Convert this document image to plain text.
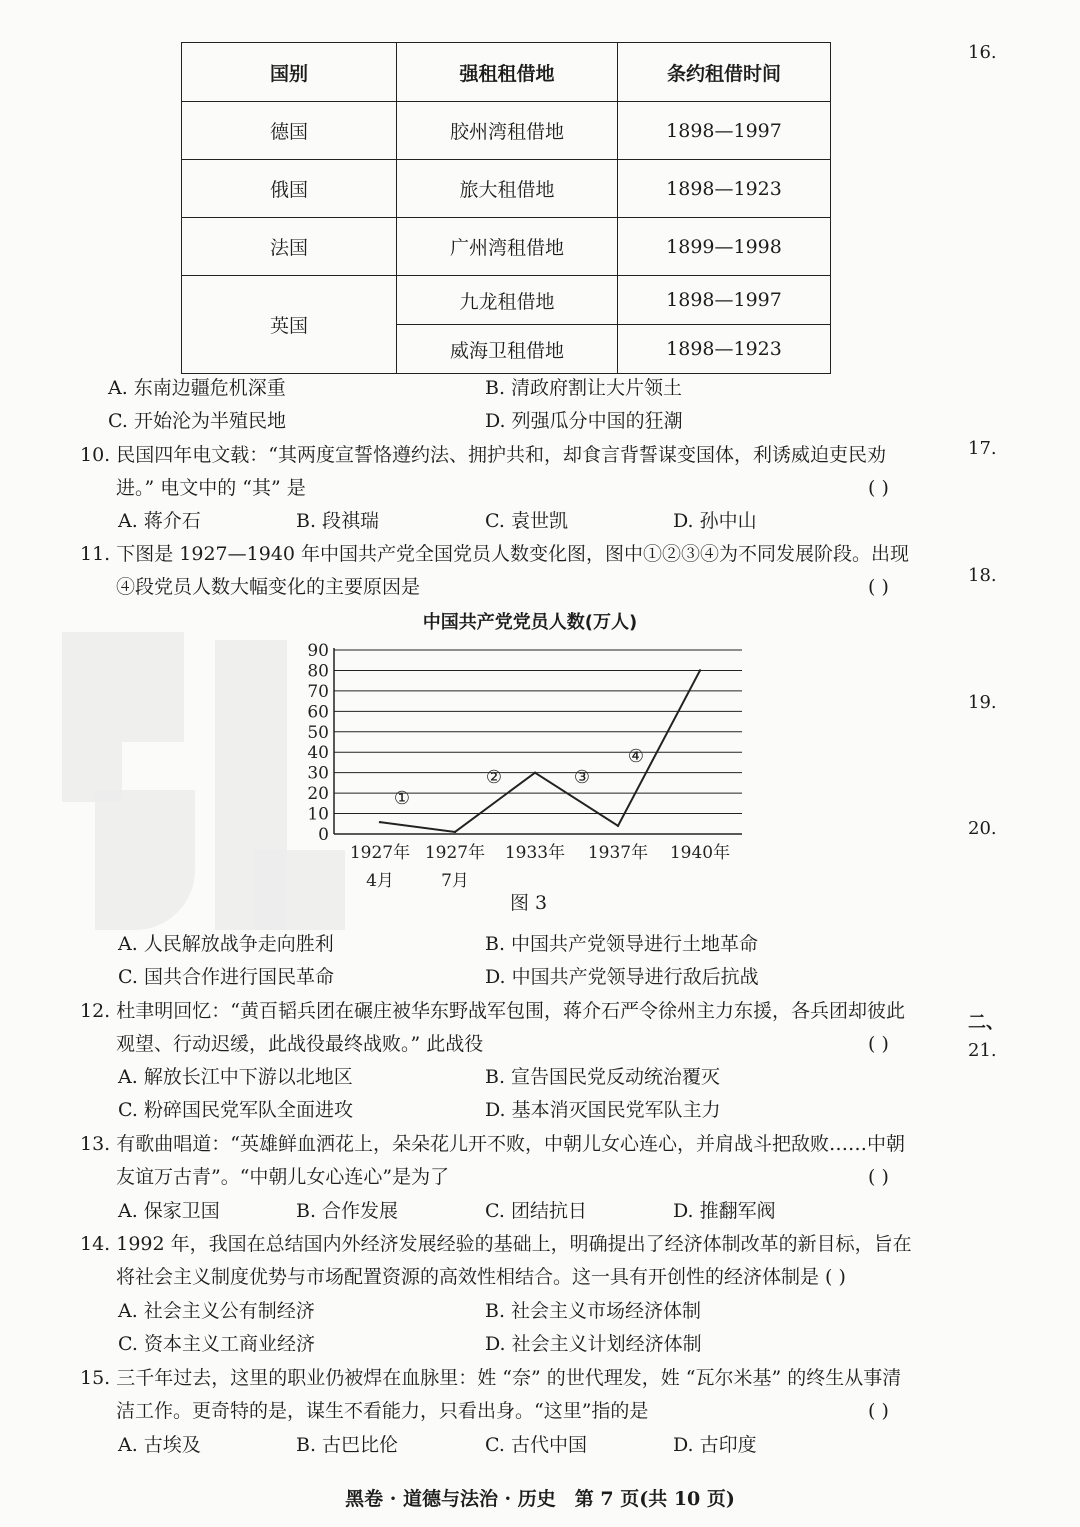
国别	强租租借地	条约租借时间
德国	胶州湾租借地	1898—1997
俄国	旅大租借地	1898—1923
法国	广州湾租借地	1899—1998
英国	九龙租借地	1898—1997
	威海卫租借地	1898—1923
A. 东南边疆危机深重	B. 清政府割让大片领土
C. 开始沦为半殖民地	D. 列强瓜分中国的狂潮
10. 民国四年电文载：“其两度宣誓恪遵约法、拥护共和，却食言背誓谋变国体，利诱威迫吏民劝
进。” 电文中的 “其” 是	( )
A. 蒋介石	B. 段祺瑞	C. 袁世凯	D. 孙中山
11. 下图是 1927—1940 年中国共产党全国党员人数变化图，图中①②③④为不同发展阶段。出现
④段党员人数大幅变化的主要原因是	( )
中国共产党党员人数(万人)
0
10
20
30
40
50
60
70
80
90
1927年
4月
1927年
7月
1933年 1937年 1940年
①
②	③
④
图 3
A. 人民解放战争走向胜利	B. 中国共产党领导进行土地革命
C. 国共合作进行国民革命	D. 中国共产党领导进行敌后抗战
12. 杜聿明回忆：“黄百韬兵团在碾庄被华东野战军包围，蒋介石严令徐州主力东援，各兵团却彼此
观望、行动迟缓，此战役最终战败。” 此战役	( )
A. 解放长江中下游以北地区	B. 宣告国民党反动统治覆灭
C. 粉碎国民党军队全面进攻	D. 基本消灭国民党军队主力
13. 有歌曲唱道：“英雄鲜血洒花上，朵朵花儿开不败，中朝儿女心连心，并肩战斗把敌败……中朝
友谊万古青”。“中朝儿女心连心”是为了	( )
A. 保家卫国	B. 合作发展	C. 团结抗日	D. 推翻军阀
14. 1992 年，我国在总结国内外经济发展经验的基础上，明确提出了经济体制改革的新目标，旨在
将社会主义制度优势与市场配置资源的高效性相结合。这一具有开创性的经济体制是 ( )
A. 社会主义公有制经济	B. 社会主义市场经济体制
C. 资本主义工商业经济	D. 社会主义计划经济体制
15. 三千年过去，这里的职业仍被焊在血脉里：姓 “奈” 的世代理发，姓 “瓦尔米基” 的终生从事清
洁工作。更奇特的是，谋生不看能力，只看出身。“这里”指的是	( )
A. 古埃及	B. 古巴比伦	C. 古代中国	D. 古印度
16.
17.
18.
19.
20.
二、
21.
黑卷 · 道德与法治 · 历史　第 7 页(共 10 页)
